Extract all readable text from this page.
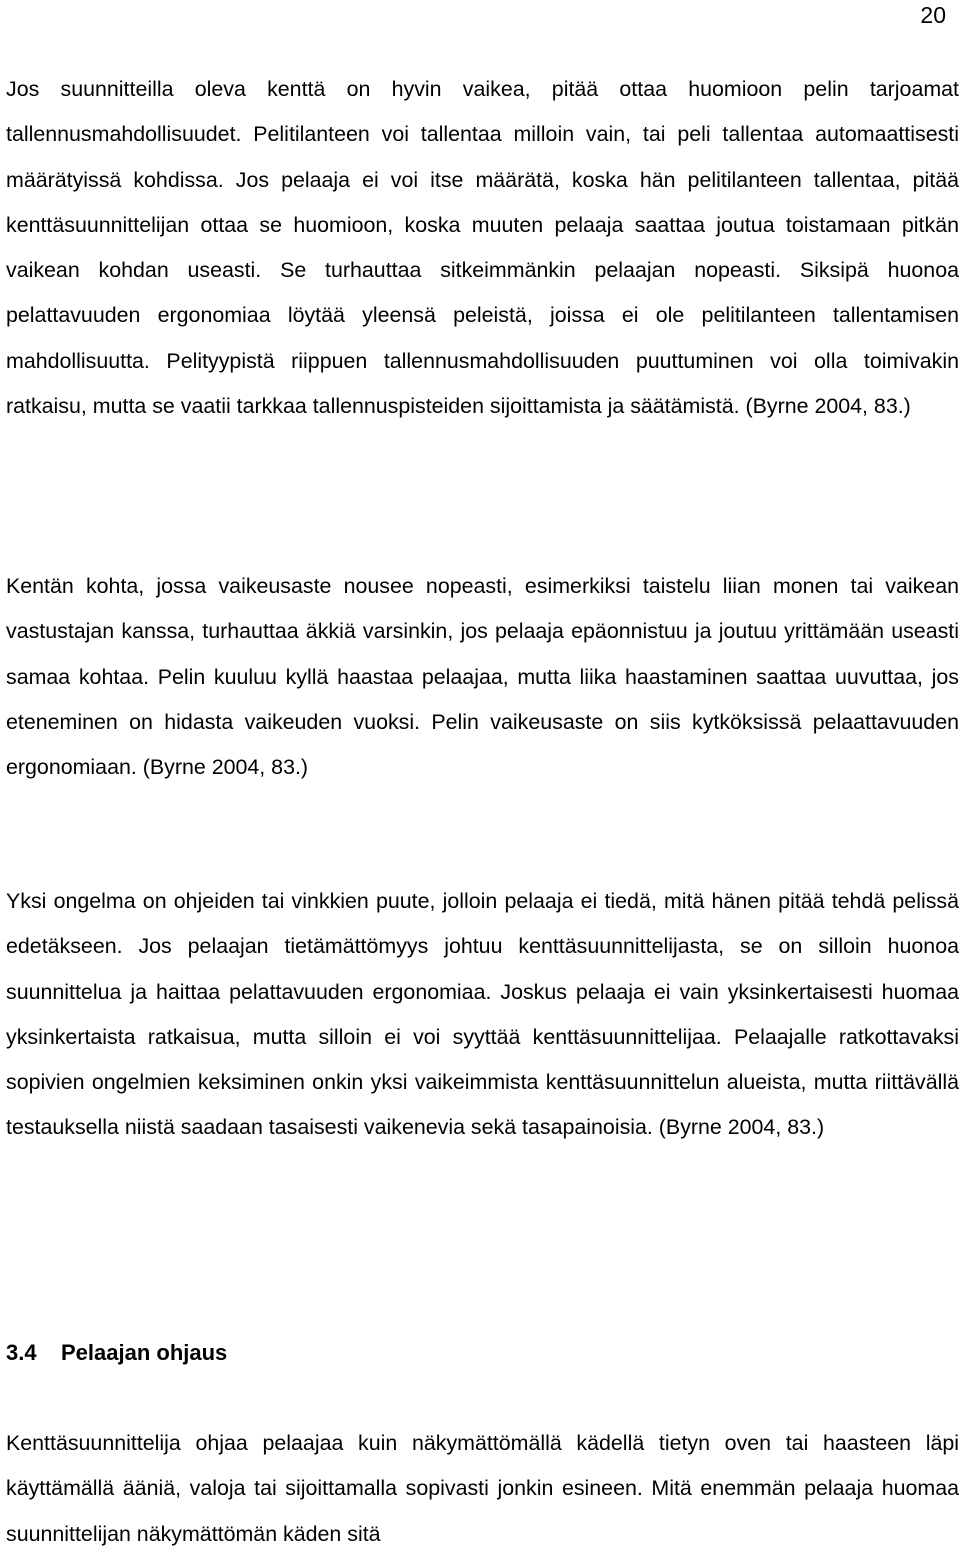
20

Jos suunnitteilla oleva kenttä on hyvin vaikea, pitää ottaa huomioon pelin tarjoamat tallennusmahdollisuudet. Pelitilanteen voi tallentaa milloin vain, tai peli tallentaa automaattisesti määrätyissä kohdissa. Jos pelaaja ei voi itse määrätä, koska hän pelitilanteen tallentaa, pitää kenttäsuunnittelijan ottaa se huomioon, koska muuten pelaaja saattaa joutua toistamaan pitkän vaikean kohdan useasti. Se turhauttaa sitkeimmänkin pelaajan nopeasti. Siksipä huonoa pelattavuuden ergonomiaa löytää yleensä peleistä, joissa ei ole pelitilanteen tallentamisen mahdollisuutta. Pelityypistä riippuen tallennusmahdollisuuden puuttuminen voi olla toimivakin ratkaisu, mutta se vaatii tarkkaa tallennuspisteiden sijoittamista ja säätämistä. (Byrne 2004, 83.)

Kentän kohta, jossa vaikeusaste nousee nopeasti, esimerkiksi taistelu liian monen tai vaikean vastustajan kanssa, turhauttaa äkkiä varsinkin, jos pelaaja epäonnistuu ja joutuu yrittämään useasti samaa kohtaa. Pelin kuuluu kyllä haastaa pelaajaa, mutta liika haastaminen saattaa uuvuttaa, jos eteneminen on hidasta vaikeuden vuoksi. Pelin vaikeusaste on siis kytköksissä pelaattavuuden ergonomiaan. (Byrne 2004, 83.)

Yksi ongelma on ohjeiden tai vinkkien puute, jolloin pelaaja ei tiedä, mitä hänen pitää tehdä pelissä edetäkseen. Jos pelaajan tietämättömyys johtuu kenttäsuunnittelijasta, se on silloin huonoa suunnittelua ja haittaa pelattavuuden ergonomiaa. Joskus pelaaja ei vain yksinkertaisesti huomaa yksinkertaista ratkaisua, mutta silloin ei voi syyttää kenttäsuunnittelijaa. Pelaajalle ratkottavaksi sopivien ongelmien keksiminen onkin yksi vaikeimmista kenttäsuunnittelun alueista, mutta riittävällä testauksella niistä saadaan tasaisesti vaikenevia sekä tasapainoisia. (Byrne 2004, 83.)

3.4 Pelaajan ohjaus

Kenttäsuunnittelija ohjaa pelaajaa kuin näkymättömällä kädellä tietyn oven tai haasteen läpi käyttämällä ääniä, valoja tai sijoittamalla sopivasti jonkin esineen. Mitä enemmän pelaaja huomaa suunnittelijan näkymättömän käden sitä
